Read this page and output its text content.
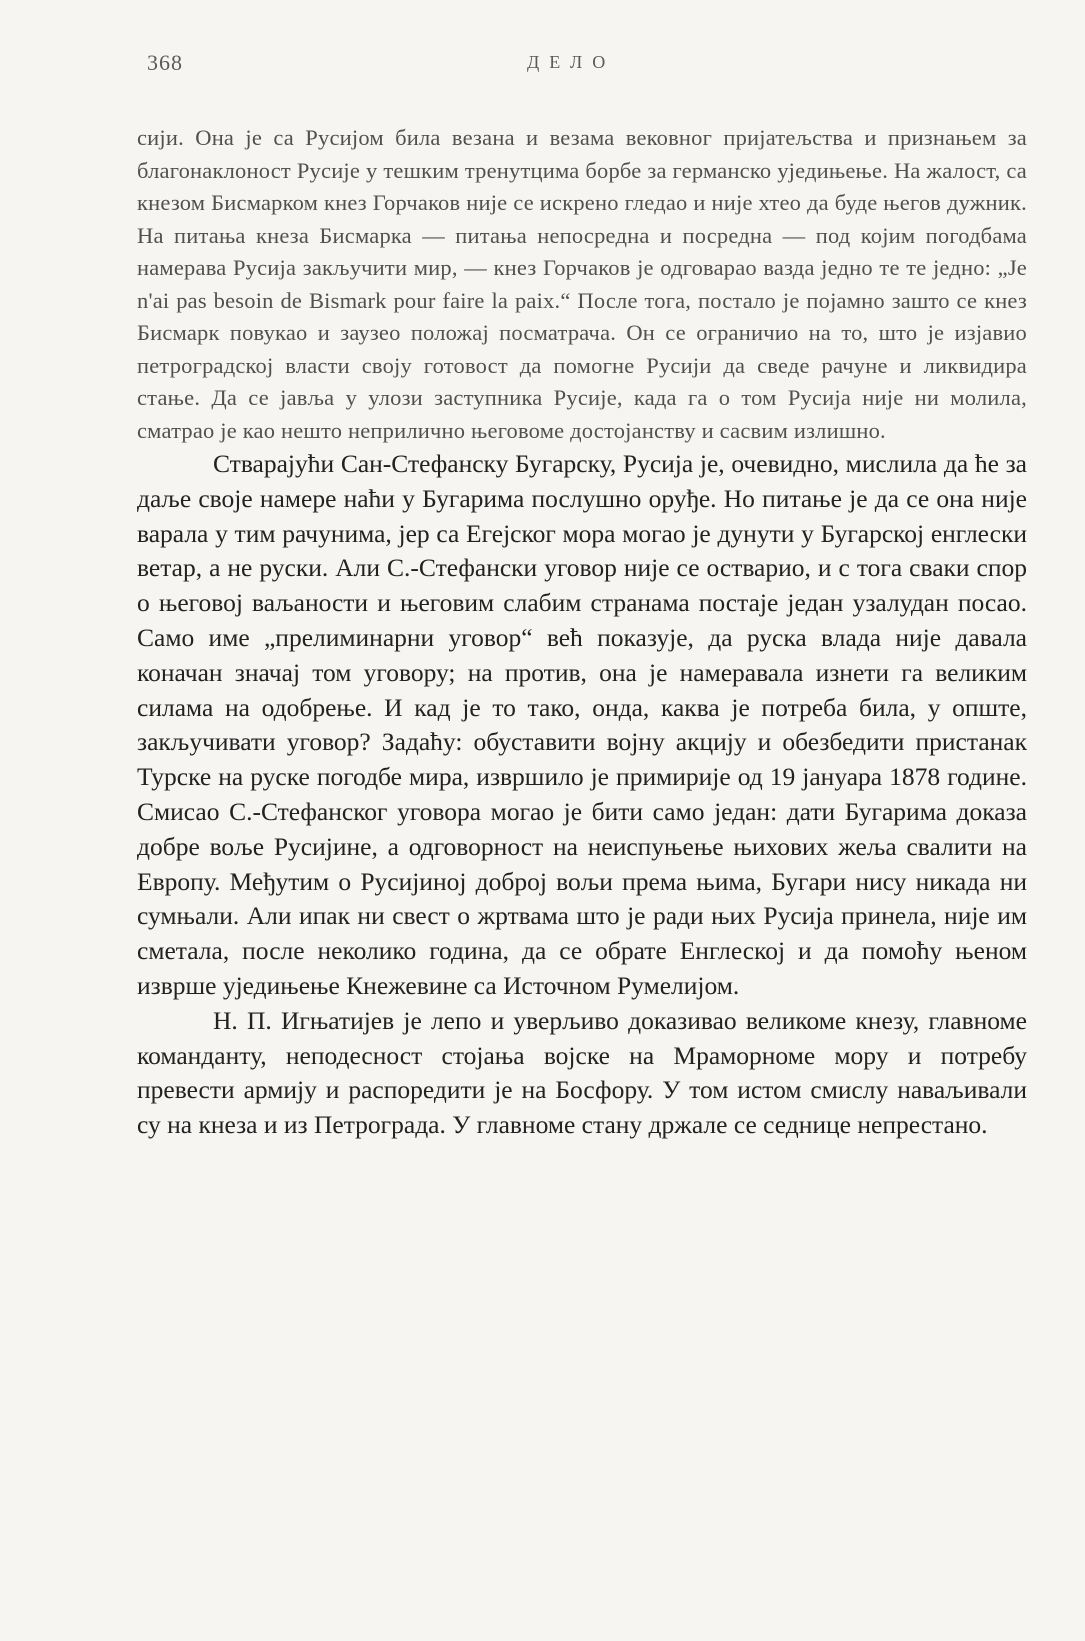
368	ДЕЛО

сији. Она је са Русијом била везана и везама вековног пријатељства и признањем за благонаклоност Русије у тешким тренутцима борбе за германско уједињење. На жалост, са кнезом Бисмарком кнез Горчаков није се искрено гледао и није хтео да буде његов дужник. На питања кнеза Бисмарка — питања непосредна и посредна — под којим погодбама намерава Русија закључити мир, — кнез Горчаков је одговарао вазда једно те те једно: „Je n'ai pas besoin de Bismark pour faire la paix.“ После тога, постало је појамно зашто се кнез Бисмарк повукао и заузео положај посматрача. Он се ограничио на то, што је изјавио петроградској власти своју готовост да помогне Русији да сведе рачуне и ликвидира стање. Да се јавља у улози заступника Русије, када га о том Русија није ни молила, сматрао је као нешто неприлично његовоме достојанству и сасвим излишно.

Стварајући Сан-Стефанску Бугарску, Русија је, очевидно, мислила да ће за даље своје намере наћи у Бугарима послушно оруђе. Но питање је да се она није варала у тим рачунима, јер са Егејског мора могао је дунути у Бугарској енглески ветар, а не руски. Али С.-Стефански уговор није се остварио, и с тога сваки спор о његовој ваљаности и његовим слабим странама постаје један узалудан посао. Само име „прелиминарни уговор“ већ показује, да руска влада није давала коначан значај том уговору; на против, она је намеравала изнети га великим силама на одобрење. И кад је то тако, онда, каква је потреба била, у опште, закључивати уговор? Задаћу: обуставити војну акцију и обезбедити пристанак Турске на руске погодбе мира, извршило је примирије од 19 јануара 1878 године. Смисао С.-Стефанског уговора могао је бити само један: дати Бугарима доказа добре воље Русијине, а одговорност на неиспуњење њихових жеља свалити на Европу. Међутим о Русијиној доброј вољи према њима, Бугари нису никада ни сумњали. Али ипак ни свест о жртвама што је ради њих Русија принела, није им сметала, после неколико година, да се обрате Енглеској и да помоћу њеном изврше уједињење Кнежевине са Источном Румелијом.

Н. П. Игњатијев је лепо и уверљиво доказивао великоме кнезу, главноме команданту, неподесност стојања војске на Мраморноме мору и потребу превести армију и распоредити је на Босфору. У том истом смислу наваљивали су на кнеза и из Петрограда. У главноме стану држале се седнице непрестано.
